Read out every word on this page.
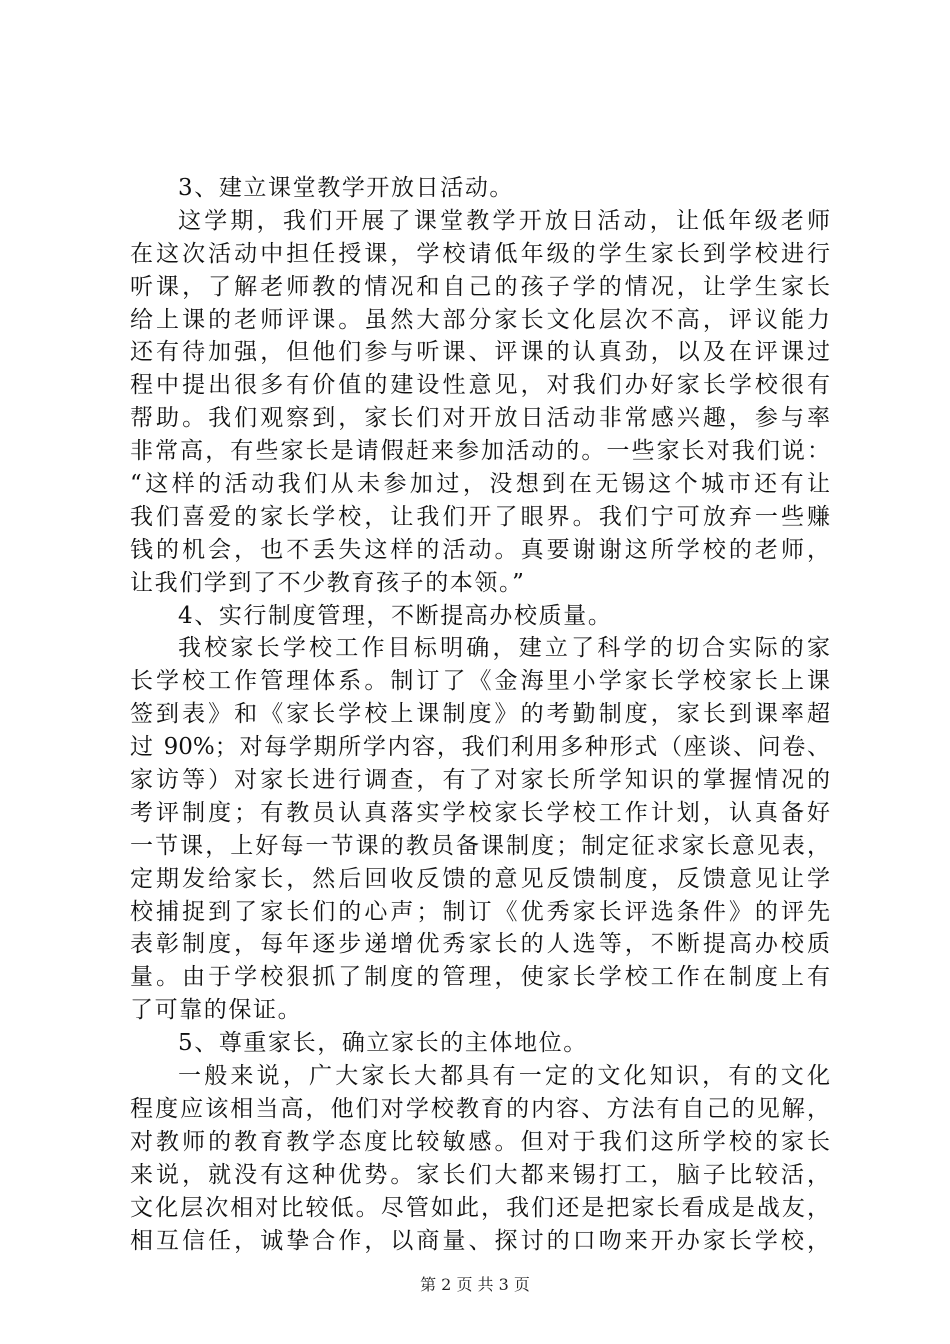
3、建立课堂教学开放日活动。
这学期，我们开展了课堂教学开放日活动，让低年级老师
在这次活动中担任授课，学校请低年级的学生家长到学校进行
听课，了解老师教的情况和自己的孩子学的情况，让学生家长
给上课的老师评课。虽然大部分家长文化层次不高，评议能力
还有待加强，但他们参与听课、评课的认真劲，以及在评课过
程中提出很多有价值的建设性意见，对我们办好家长学校很有
帮助。我们观察到，家长们对开放日活动非常感兴趣，参与率
非常高，有些家长是请假赶来参加活动的。一些家长对我们说：
“这样的活动我们从未参加过，没想到在无锡这个城市还有让
我们喜爱的家长学校，让我们开了眼界。我们宁可放弃一些赚
钱的机会，也不丢失这样的活动。真要谢谢这所学校的老师，
让我们学到了不少教育孩子的本领。”
4、实行制度管理，不断提高办校质量。
我校家长学校工作目标明确，建立了科学的切合实际的家
长学校工作管理体系。制订了《金海里小学家长学校家长上课
签到表》和《家长学校上课制度》的考勤制度，家长到课率超
过 90%；对每学期所学内容，我们利用多种形式（座谈、问卷、
家访等）对家长进行调查，有了对家长所学知识的掌握情况的
考评制度；有教员认真落实学校家长学校工作计划，认真备好
一节课，上好每一节课的教员备课制度；制定征求家长意见表，
定期发给家长，然后回收反馈的意见反馈制度，反馈意见让学
校捕捉到了家长们的心声；制订《优秀家长评选条件》的评先
表彰制度，每年逐步递增优秀家长的人选等，不断提高办校质
量。由于学校狠抓了制度的管理，使家长学校工作在制度上有
了可靠的保证。
5、尊重家长，确立家长的主体地位。
一般来说，广大家长大都具有一定的文化知识，有的文化
程度应该相当高，他们对学校教育的内容、方法有自己的见解，
对教师的教育教学态度比较敏感。但对于我们这所学校的家长
来说，就没有这种优势。家长们大都来锡打工，脑子比较活，
文化层次相对比较低。尽管如此，我们还是把家长看成是战友，
相互信任，诚挚合作，以商量、探讨的口吻来开办家长学校，
第 2 页 共 3 页
